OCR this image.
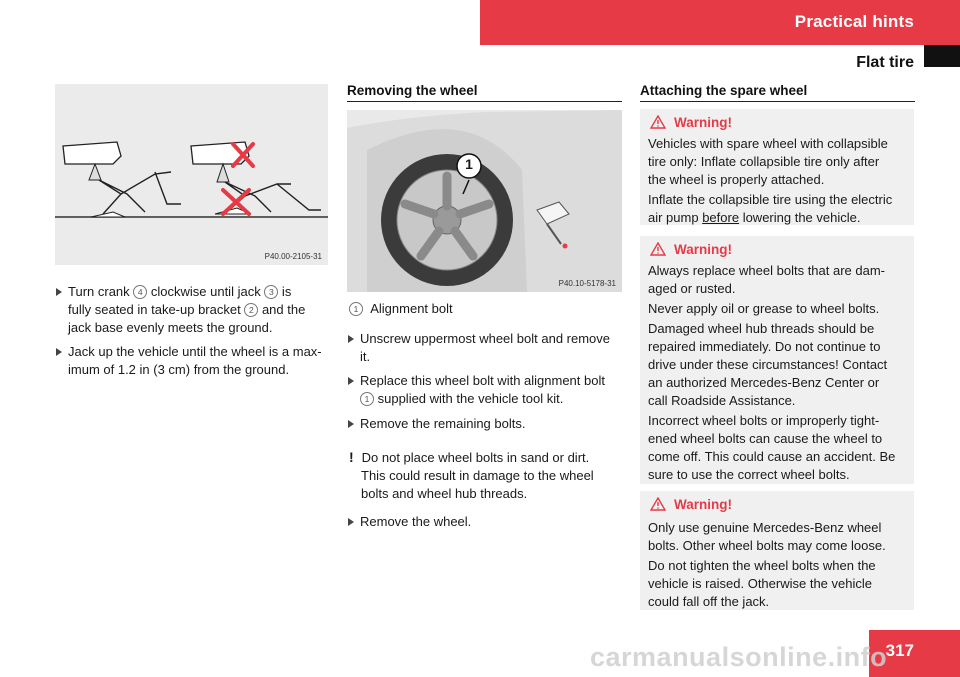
Practical hints
Flat tire
P40.00-2105-31
Turn crank 4 clockwise until jack 3 is
fully seated in take-up bracket 2 and the
jack base evenly meets the ground.
Jack up the vehicle until the wheel is a max-
imum of 1.2 in (3 cm) from the ground.
Removing the wheel
1
P40.10-5178-31
1 Alignment bolt
Unscrew uppermost wheel bolt and remove
it.
Replace this wheel bolt with alignment bolt
1 supplied with the vehicle tool kit.
Remove the remaining bolts.
! Do not place wheel bolts in sand or dirt.
This could result in damage to the wheel
bolts and wheel hub threads.
Remove the wheel.
Attaching the spare wheel
Warning!
Vehicles with spare wheel with collapsible
tire only: Inflate collapsible tire only after
the wheel is properly attached.
Inflate the collapsible tire using the electric
air pump before lowering the vehicle.
Warning!
Always replace wheel bolts that are dam-
aged or rusted.
Never apply oil or grease to wheel bolts.
Damaged wheel hub threads should be
repaired immediately. Do not continue to
drive under these circumstances! Contact
an authorized Mercedes-Benz Center or
call Roadside Assistance.
Incorrect wheel bolts or improperly tight-
ened wheel bolts can cause the wheel to
come off. This could cause an accident. Be
sure to use the correct wheel bolts.
Warning!
Only use genuine Mercedes-Benz wheel
bolts. Other wheel bolts may come loose.
Do not tighten the wheel bolts when the
vehicle is raised. Otherwise the vehicle
could fall off the jack.
317
carmanualsonline.info
